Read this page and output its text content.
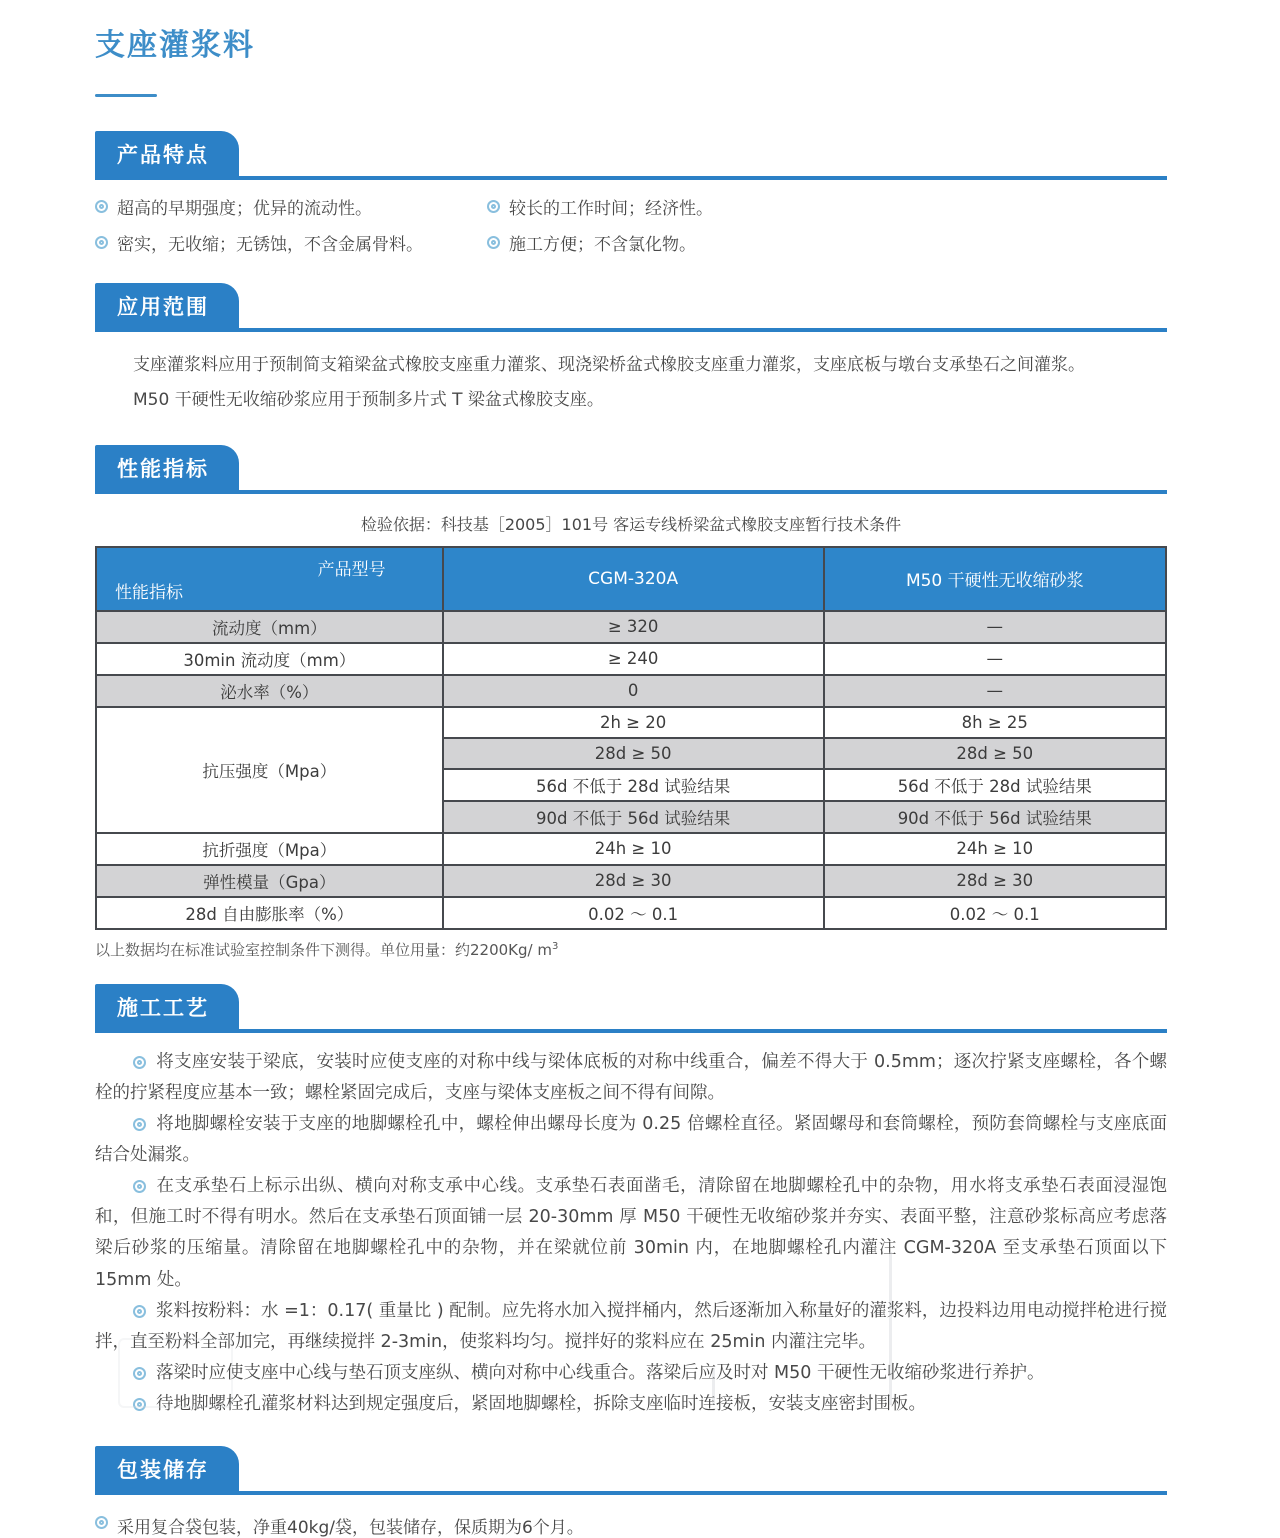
支座灌浆料
产品特点
超高的早期强度；优异的流动性。	较长的工作时间；经济性。
密实，无收缩；无锈蚀，不含金属骨料。	施工方便；不含氯化物。
应用范围
支座灌浆料应用于预制简支箱梁盆式橡胶支座重力灌浆、现浇梁桥盆式橡胶支座重力灌浆，支座底板与墩台支承垫石之间灌浆。
M50 干硬性无收缩砂浆应用于预制多片式 T 梁盆式橡胶支座。
性能指标
检验依据：科技基［2005］101号 客运专线桥梁盆式橡胶支座暂行技术条件
产品型号
性能指标	CGM-320A	M50 干硬性无收缩砂浆
流动度（mm）	≥ 320	—
30min 流动度（mm）	≥ 240	—
泌水率（%）	0	—
抗压强度（Mpa）	2h ≥ 20	8h ≥ 25
	28d ≥ 50	28d ≥ 50
	56d 不低于 28d 试验结果	56d 不低于 28d 试验结果
	90d 不低于 56d 试验结果	90d 不低于 56d 试验结果
抗折强度（Mpa）	24h ≥ 10	24h ≥ 10
弹性模量（Gpa）	28d ≥ 30	28d ≥ 30
28d 自由膨胀率（%）	0.02 ～ 0.1	0.02 ～ 0.1
以上数据均在标准试验室控制条件下测得。单位用量：约2200Kg/ $m^3$
施工工艺

将支座安装于梁底，安装时应使支座的对称中线与梁体底板的对称中线重合，偏差不得大于 0.5mm；逐次拧紧支座螺栓，各个螺栓的拧紧程度应基本一致；螺栓紧固完成后，支座与梁体支座板之间不得有间隙。

将地脚螺栓安装于支座的地脚螺栓孔中，螺栓伸出螺母长度为 0.25 倍螺栓直径。紧固螺母和套筒螺栓，预防套筒螺栓与支座底面结合处漏浆。

在支承垫石上标示出纵、横向对称支承中心线。支承垫石表面凿毛，清除留在地脚螺栓孔中的杂物，用水将支承垫石表面浸湿饱和，但施工时不得有明水。然后在支承垫石顶面铺一层 20-30mm 厚 M50 干硬性无收缩砂浆并夯实、表面平整，注意砂浆标高应考虑落梁后砂浆的压缩量。清除留在地脚螺栓孔中的杂物，并在梁就位前 30min 内，在地脚螺栓孔内灌注 CGM-320A 至支承垫石顶面以下 15mm 处。

浆料按粉料：水 =1：0.17( 重量比 ) 配制。应先将水加入搅拌桶内，然后逐渐加入称量好的灌浆料，边投料边用电动搅拌枪进行搅拌，直至粉料全部加完，再继续搅拌 2-3min，使浆料均匀。搅拌好的浆料应在 25min 内灌注完毕。

落梁时应使支座中心线与垫石顶支座纵、横向对称中心线重合。落梁后应及时对 M50 干硬性无收缩砂浆进行养护。

待地脚螺栓孔灌浆材料达到规定强度后，紧固地脚螺栓，拆除支座临时连接板，安装支座密封围板。

包装储存
采用复合袋包装，净重40kg/袋，包装储存，保质期为6个月。
